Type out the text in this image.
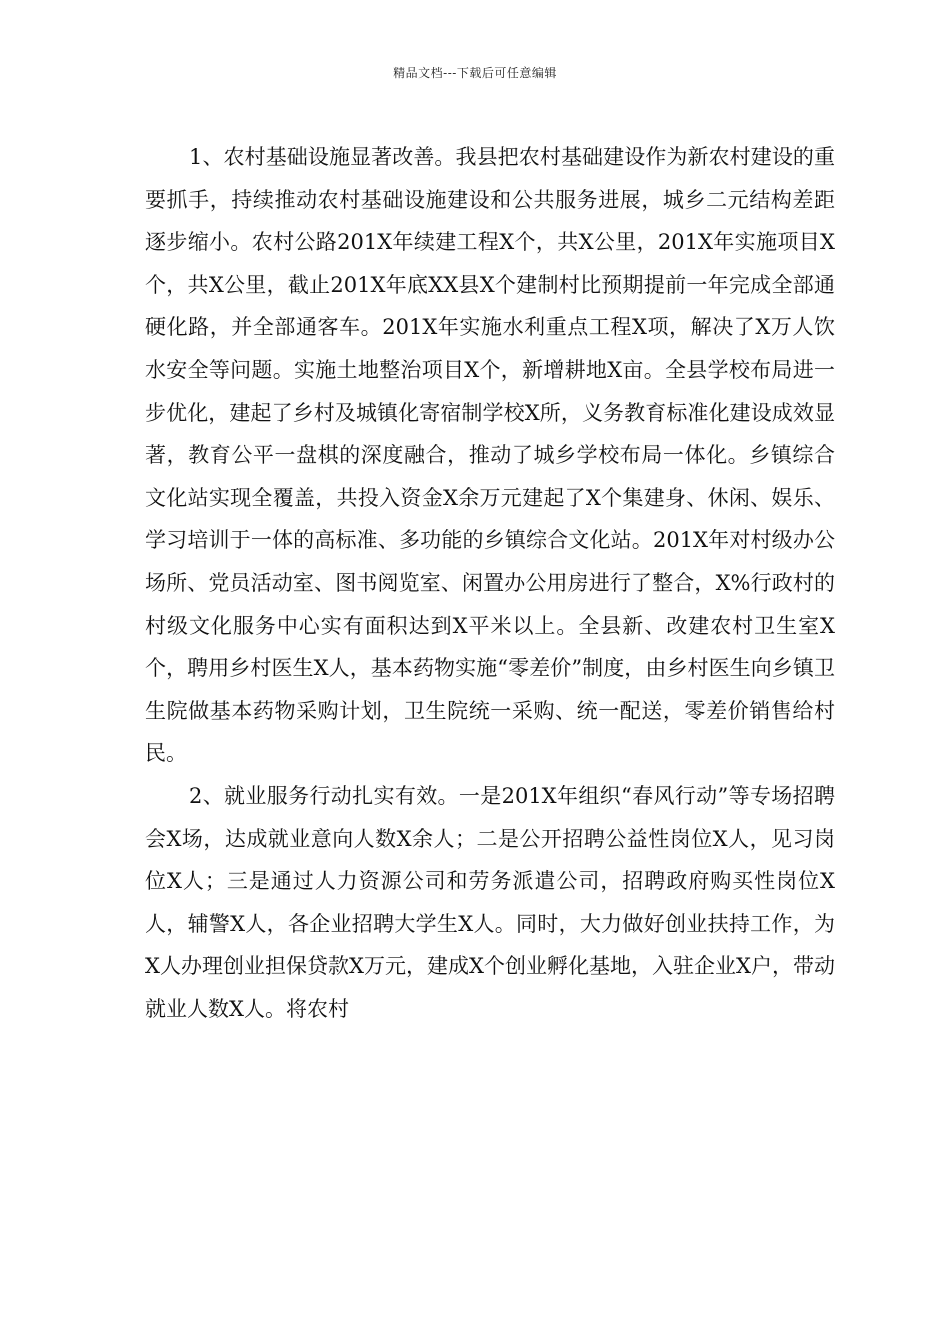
精品文档---下载后可任意编辑

1、农村基础设施显著改善。我县把农村基础建设作为新农村建设的重要抓手，持续推动农村基础设施建设和公共服务进展，城乡二元结构差距逐步缩小。农村公路201X年续建工程X个，共X公里，201X年实施项目X个，共X公里，截止201X年底XX县X个建制村比预期提前一年完成全部通硬化路，并全部通客车。201X年实施水利重点工程X项，解决了X万人饮水安全等问题。实施土地整治项目X个，新增耕地X亩。全县学校布局进一步优化，建起了乡村及城镇化寄宿制学校X所，义务教育标准化建设成效显著，教育公平一盘棋的深度融合，推动了城乡学校布局一体化。乡镇综合文化站实现全覆盖，共投入资金X余万元建起了X个集建身、休闲、娱乐、学习培训于一体的高标准、多功能的乡镇综合文化站。201X年对村级办公场所、党员活动室、图书阅览室、闲置办公用房进行了整合，X%行政村的村级文化服务中心实有面积达到X平米以上。全县新、改建农村卫生室X个，聘用乡村医生X人，基本药物实施“零差价”制度，由乡村医生向乡镇卫生院做基本药物采购计划，卫生院统一采购、统一配送，零差价销售给村民。

2、就业服务行动扎实有效。一是201X年组织“春风行动”等专场招聘会X场，达成就业意向人数X余人；二是公开招聘公益性岗位X人，见习岗位X人；三是通过人力资源公司和劳务派遣公司，招聘政府购买性岗位X人，辅警X人，各企业招聘大学生X人。同时，大力做好创业扶持工作，为X人办理创业担保贷款X万元，建成X个创业孵化基地，入驻企业X户，带动就业人数X人。将农村
